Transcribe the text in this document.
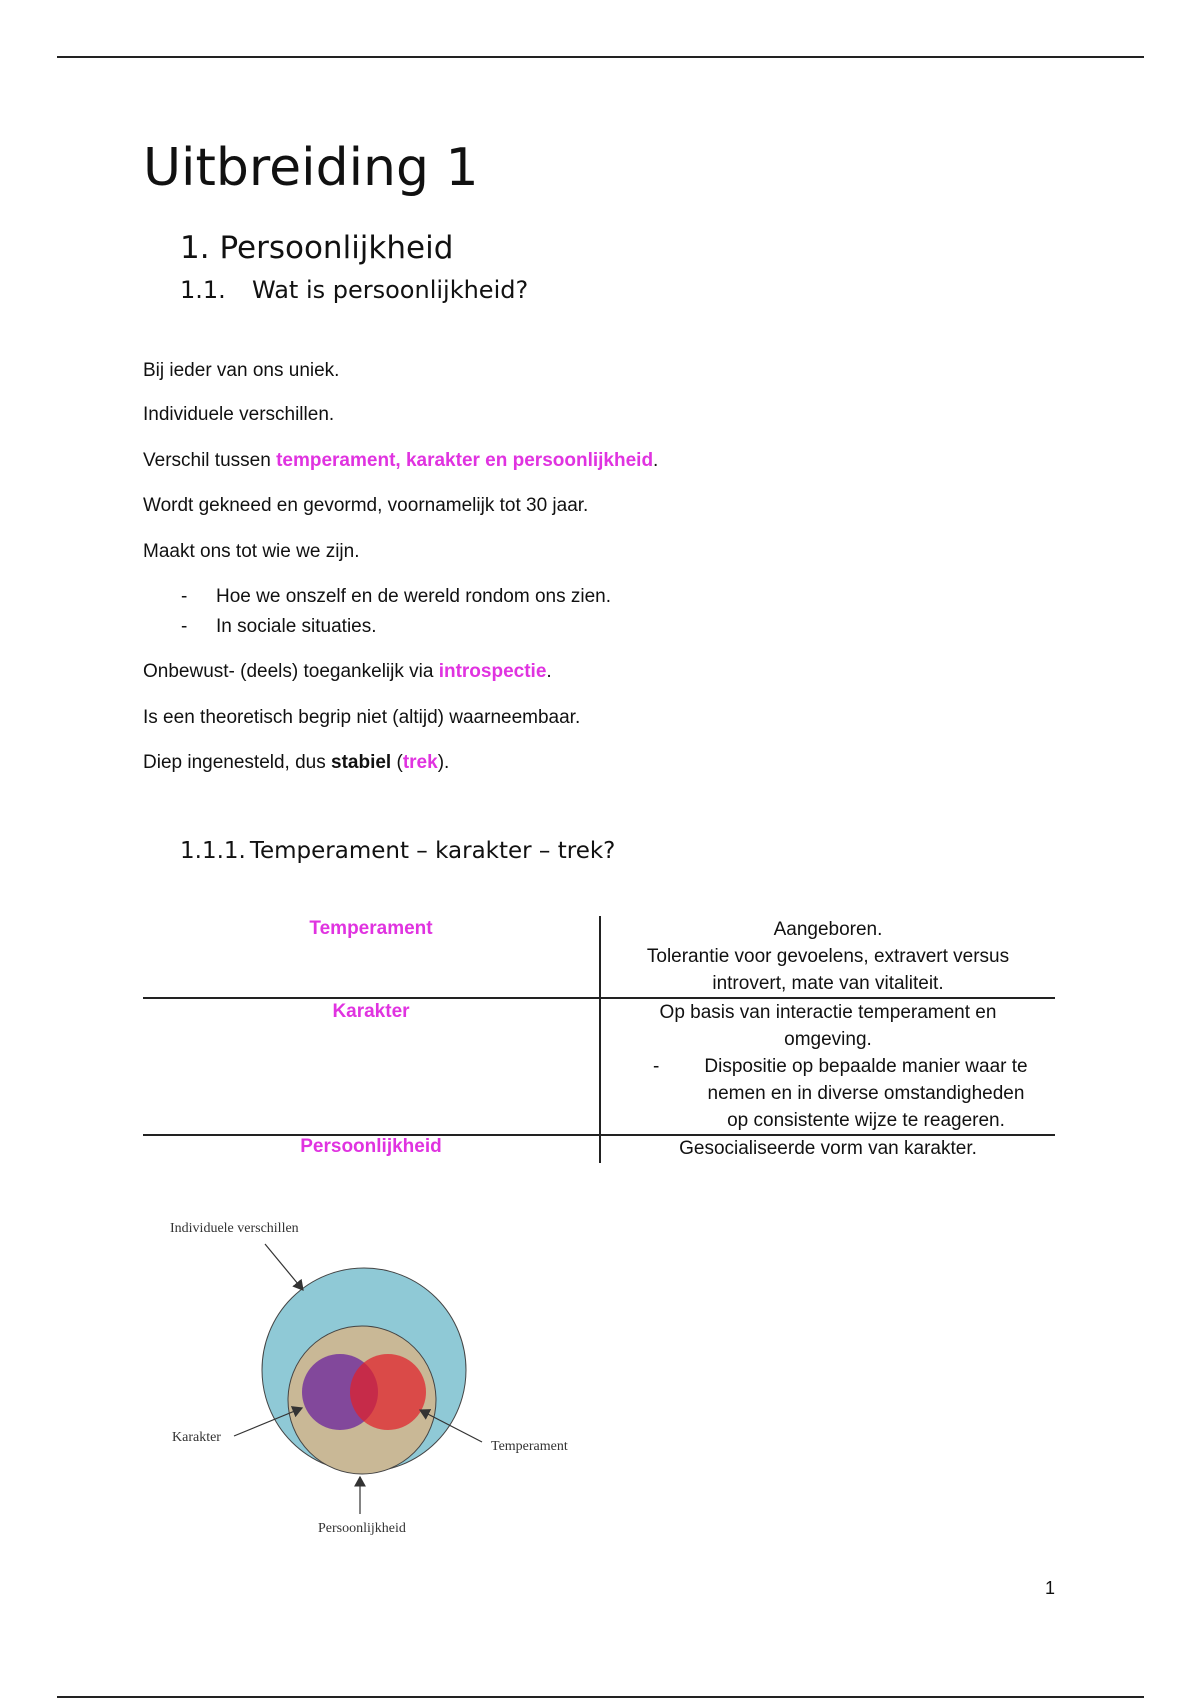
Uitbreiding 1
1. Persoonlijkheid
1.1. Wat is persoonlijkheid?

Bij ieder van ons uniek.

Individuele verschillen.

Verschil tussen temperament, karakter en persoonlijkheid.

Wordt gekneed en gevormd, voornamelijk tot 30 jaar.

Maakt ons tot wie we zijn.

- Hoe we onszelf en de wereld rondom ons zien.
- In sociale situaties.

Onbewust- (deels) toegankelijk via introspectie.

Is een theoretisch begrip niet (altijd) waarneembaar.

Diep ingenesteld, dus stabiel (trek).

1.1.1. Temperament – karakter – trek?
Temperament	Aangeboren.
Tolerantie voor gevoelens, extravert versus
introvert, mate van vitaliteit.
Karakter	Op basis van interactie temperament en
omgeving.
-	Dispositie op bepaalde manier waar te
nemen en in diverse omstandigheden
op consistente wijze te reageren.
Persoonlijkheid	Gesocialiseerde vorm van karakter.
Individuele verschillen
Karakter
Temperament
Persoonlijkheid
1
